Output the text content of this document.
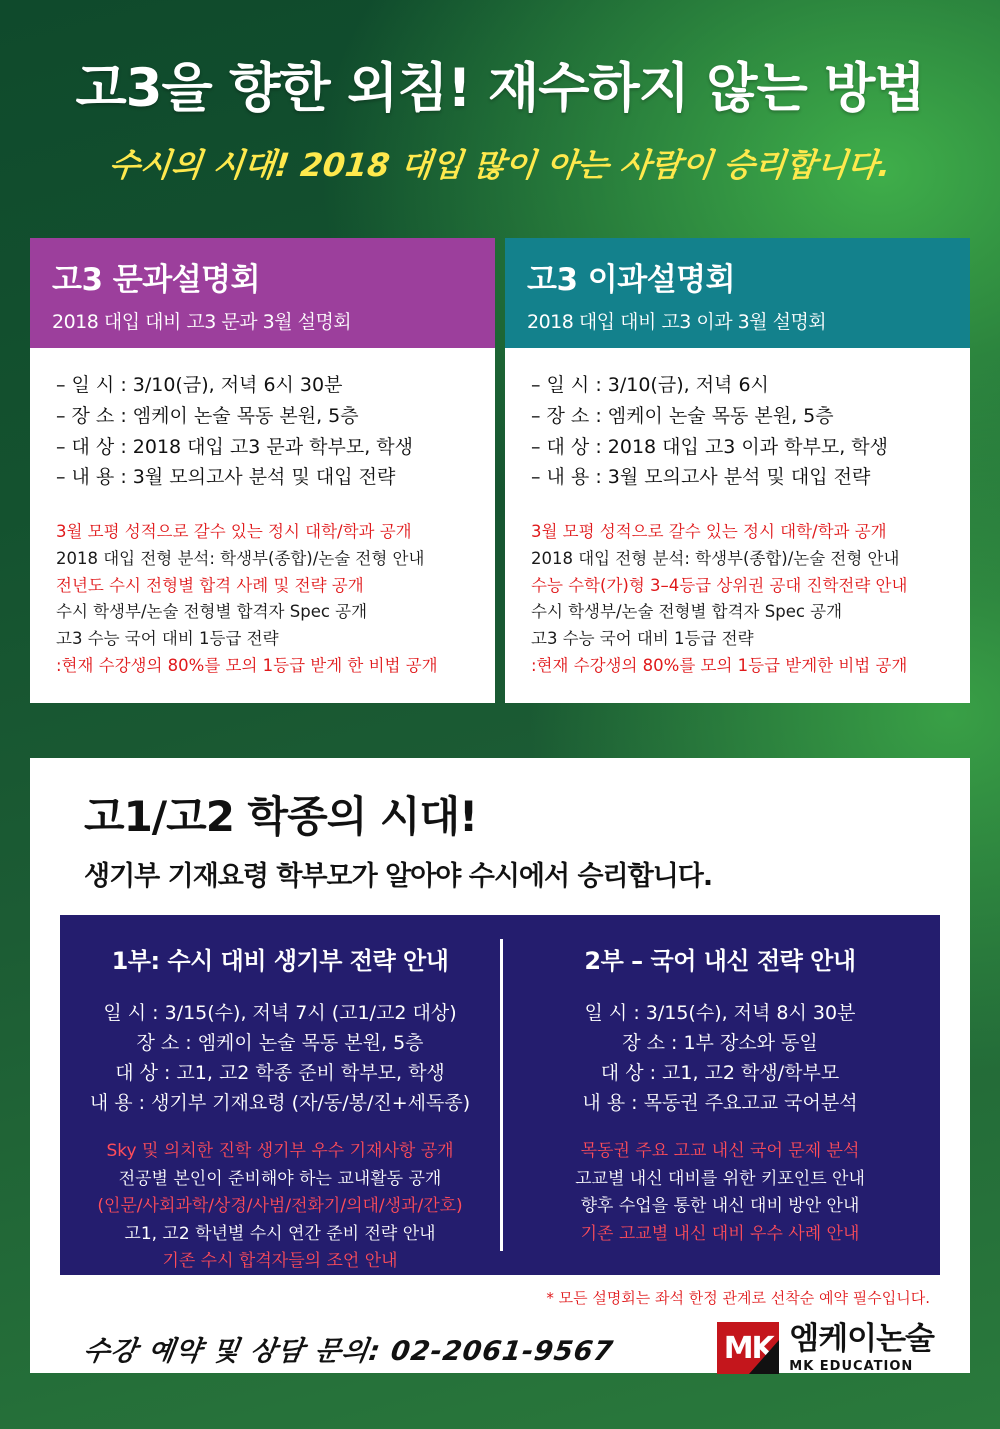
고3을 향한 외침! 재수하지 않는 방법
수시의 시대! 2018 대입 많이 아는 사람이 승리합니다.
고3 문과설명회
2018 대입 대비 고3 문과 3월 설명회
– 일 시 : 3/10(금), 저녁 6시 30분
– 장 소 : 엠케이 논술 목동 본원, 5층
– 대 상 : 2018 대입 고3 문과 학부모, 학생
– 내 용 : 3월 모의고사 분석 및 대입 전략
3월 모평 성적으로 갈수 있는 정시 대학/학과 공개
2018 대입 전형 분석: 학생부(종합)/논술 전형 안내
전년도 수시 전형별 합격 사례 및 전략 공개
수시 학생부/논술 전형별 합격자 Spec 공개
고3 수능 국어 대비 1등급 전략
:현재 수강생의 80%를 모의 1등급 받게 한 비법 공개
고3 이과설명회
2018 대입 대비 고3 이과 3월 설명회
– 일 시 : 3/10(금), 저녁 6시
– 장 소 : 엠케이 논술 목동 본원, 5층
– 대 상 : 2018 대입 고3 이과 학부모, 학생
– 내 용 : 3월 모의고사 분석 및 대입 전략
3월 모평 성적으로 갈수 있는 정시 대학/학과 공개
2018 대입 전형 분석: 학생부(종합)/논술 전형 안내
수능 수학(가)형 3–4등급 상위권 공대 진학전략 안내
수시 학생부/논술 전형별 합격자 Spec 공개
고3 수능 국어 대비 1등급 전략
:현재 수강생의 80%를 모의 1등급 받게한 비법 공개
고1/고2 학종의 시대!
생기부 기재요령 학부모가 알아야 수시에서 승리합니다.
1부: 수시 대비 생기부 전략 안내
일 시 : 3/15(수), 저녁 7시 (고1/고2 대상)
장 소 : 엠케이 논술 목동 본원, 5층
대 상 : 고1, 고2 학종 준비 학부모, 학생
내 용 : 생기부 기재요령 (자/동/봉/진+세독종)
Sky 및 의치한 진학 생기부 우수 기재사항 공개
전공별 본인이 준비해야 하는 교내활동 공개
(인문/사회과학/상경/사범/전화기/의대/생과/간호)
고1, 고2 학년별 수시 연간 준비 전략 안내
기존 수시 합격자들의 조언 안내
2부 – 국어 내신 전략 안내
일 시 : 3/15(수), 저녁 8시 30분
장 소 : 1부 장소와 동일
대 상 : 고1, 고2 학생/학부모
내 용 : 목동권 주요고교 국어분석
목동권 주요 고교 내신 국어 문제 분석
고교별 내신 대비를 위한 키포인트 안내
향후 수업을 통한 내신 대비 방안 안내
기존 고교별 내신 대비 우수 사례 안내
* 모든 설명회는 좌석 한정 관계로 선착순 예약 필수입니다.
수강 예약 및 상담 문의: 02-2061-9567	MK 엠케이논술
MK EDUCATION
